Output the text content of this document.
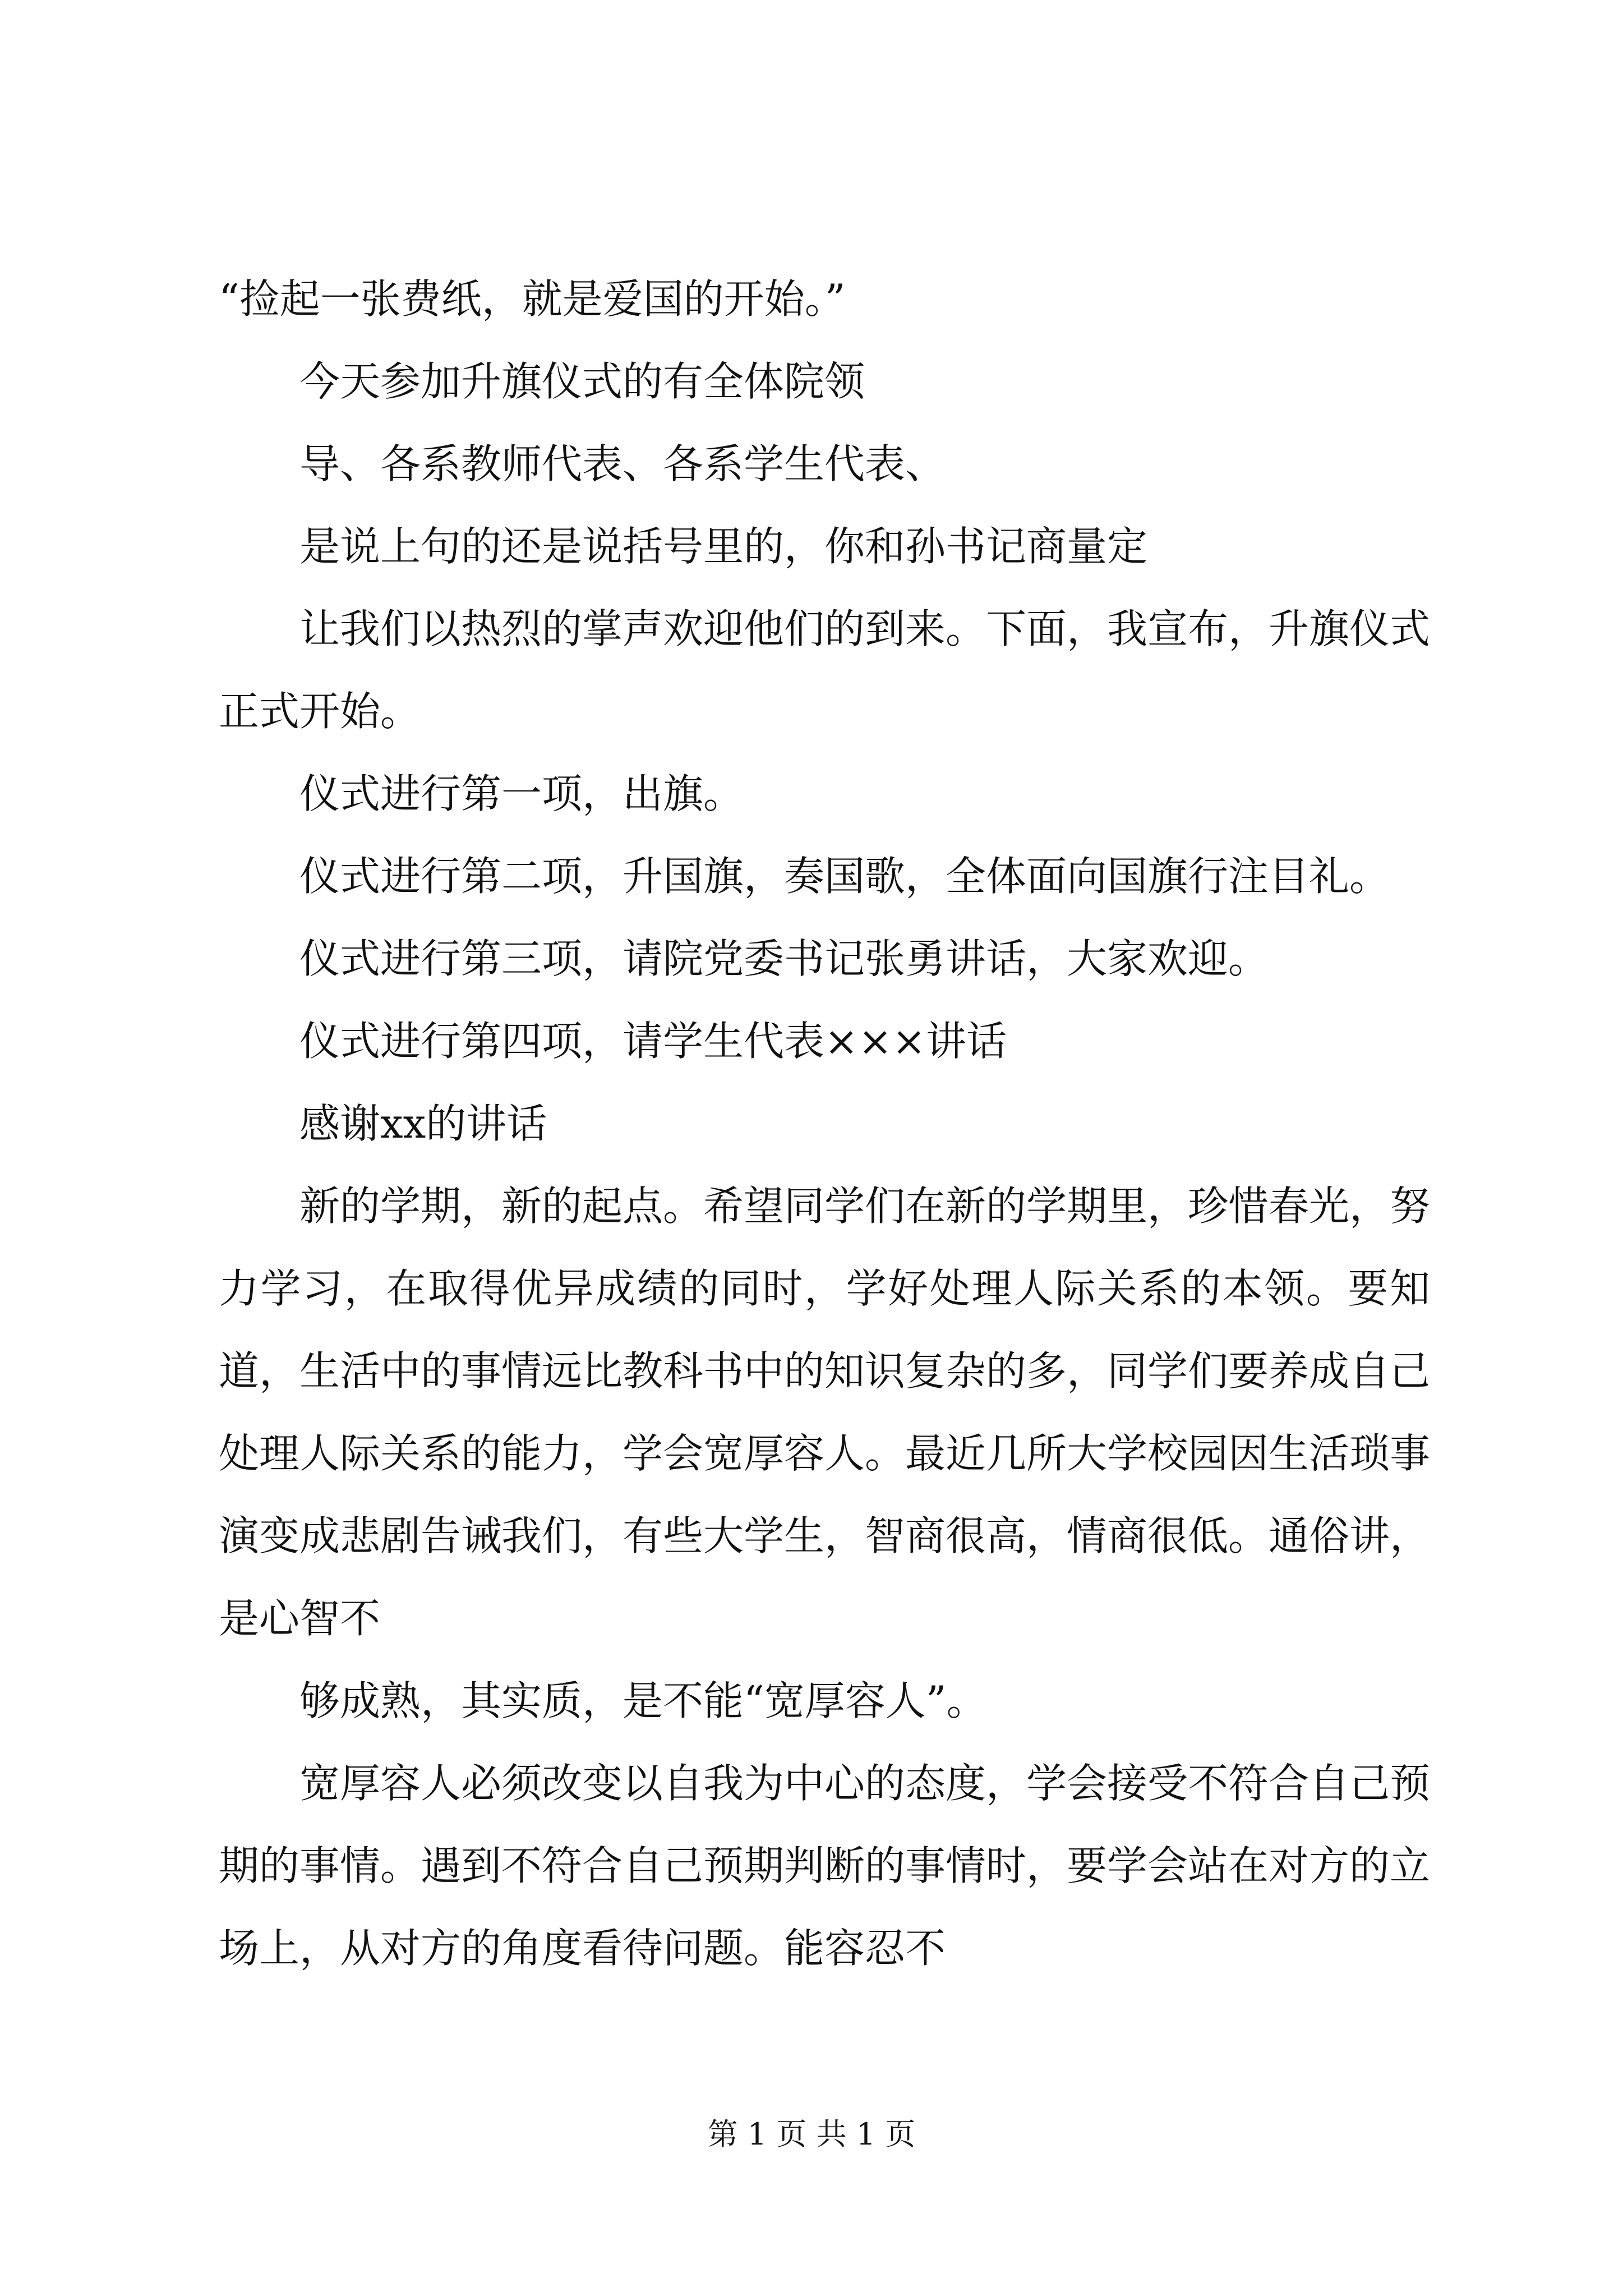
“捡起一张费纸，就是爱国的开始。”

今天参加升旗仪式的有全体院领

导、各系教师代表、各系学生代表、

是说上句的还是说括号里的，你和孙书记商量定

让我们以热烈的掌声欢迎他们的到来。下面，我宣布，升旗仪式正式开始。

仪式进行第一项，出旗。

仪式进行第二项，升国旗，奏国歌，全体面向国旗行注目礼。

仪式进行第三项，请院党委书记张勇讲话，大家欢迎。

仪式进行第四项，请学生代表×××讲话

感谢xx的讲话

新的学期，新的起点。希望同学们在新的学期里，珍惜春光，努力学习，在取得优异成绩的同时，学好处理人际关系的本领。要知道，生活中的事情远比教科书中的知识复杂的多，同学们要养成自己处理人际关系的能力，学会宽厚容人。最近几所大学校园因生活琐事演变成悲剧告诫我们，有些大学生，智商很高，情商很低。通俗讲，是心智不

够成熟，其实质，是不能“宽厚容人”。

宽厚容人必须改变以自我为中心的态度，学会接受不符合自己预期的事情。遇到不符合自己预期判断的事情时，要学会站在对方的立场上，从对方的角度看待问题。能容忍不

第 1 页 共 1 页
